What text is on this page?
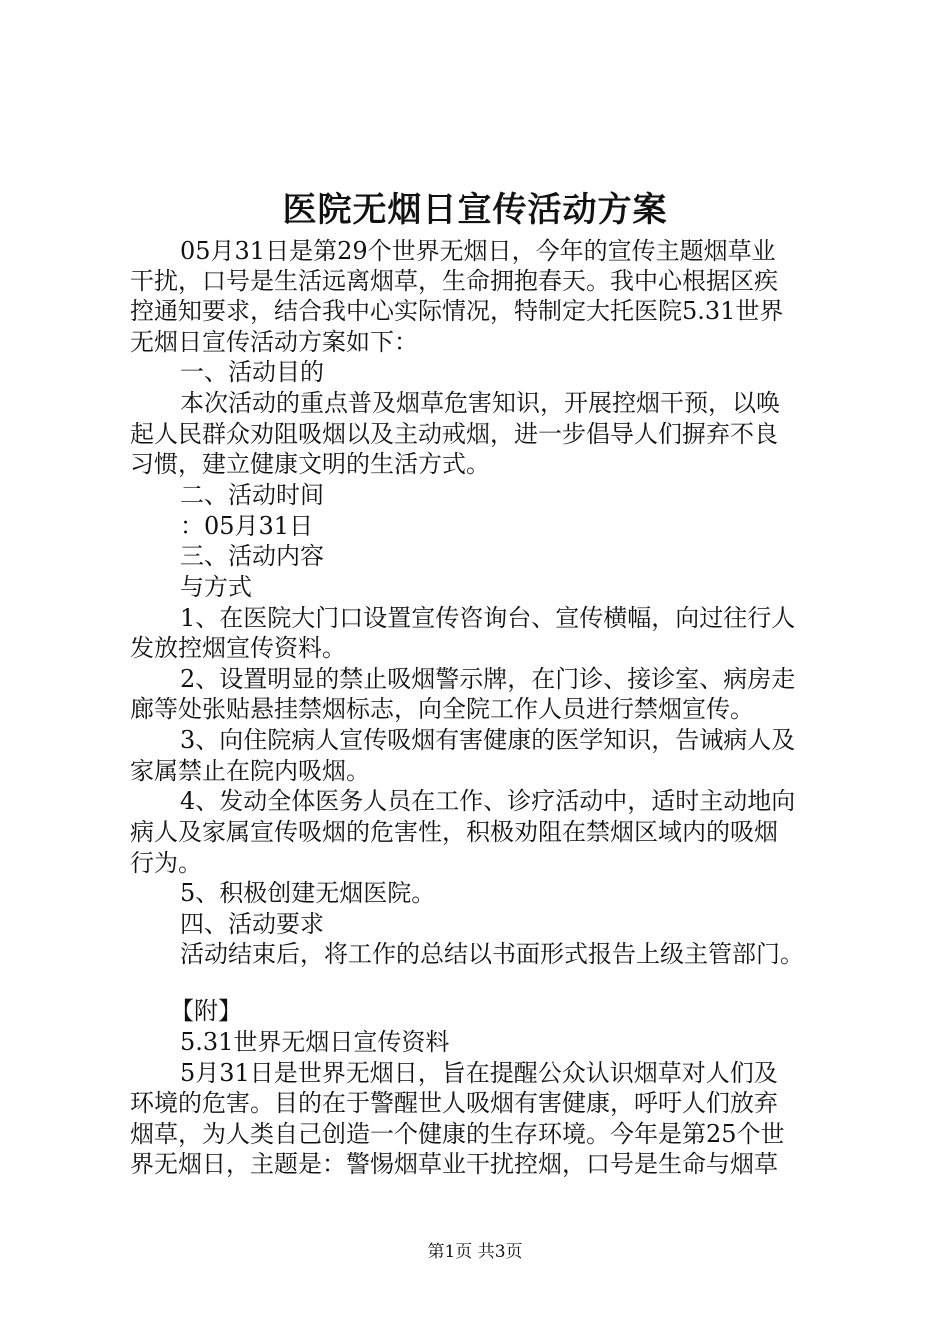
医院无烟日宣传活动方案
05月31日是第29个世界无烟日，今年的宣传主题烟草业
干扰，口号是生活远离烟草，生命拥抱春天。我中心根据区疾
控通知要求，结合我中心实际情况，特制定大托医院5.31世界
无烟日宣传活动方案如下：
一、活动目的
本次活动的重点普及烟草危害知识，开展控烟干预，以唤
起人民群众劝阻吸烟以及主动戒烟，进一步倡导人们摒弃不良
习惯，建立健康文明的生活方式。
二、活动时间
：05月31日
三、活动内容
与方式
1、在医院大门口设置宣传咨询台、宣传横幅，向过往行人
发放控烟宣传资料。
2、设置明显的禁止吸烟警示牌，在门诊、接诊室、病房走
廊等处张贴悬挂禁烟标志，向全院工作人员进行禁烟宣传。
3、向住院病人宣传吸烟有害健康的医学知识，告诫病人及
家属禁止在院内吸烟。
4、发动全体医务人员在工作、诊疗活动中，适时主动地向
病人及家属宣传吸烟的危害性，积极劝阻在禁烟区域内的吸烟
行为。
5、积极创建无烟医院。
四、活动要求
活动结束后，将工作的总结以书面形式报告上级主管部门。
【附】
5.31世界无烟日宣传资料
5月31日是世界无烟日，旨在提醒公众认识烟草对人们及
环境的危害。目的在于警醒世人吸烟有害健康，呼吁人们放弃
烟草，为人类自己创造一个健康的生存环境。今年是第25个世
界无烟日，主题是：警惕烟草业干扰控烟，口号是生命与烟草
第1页 共3页
